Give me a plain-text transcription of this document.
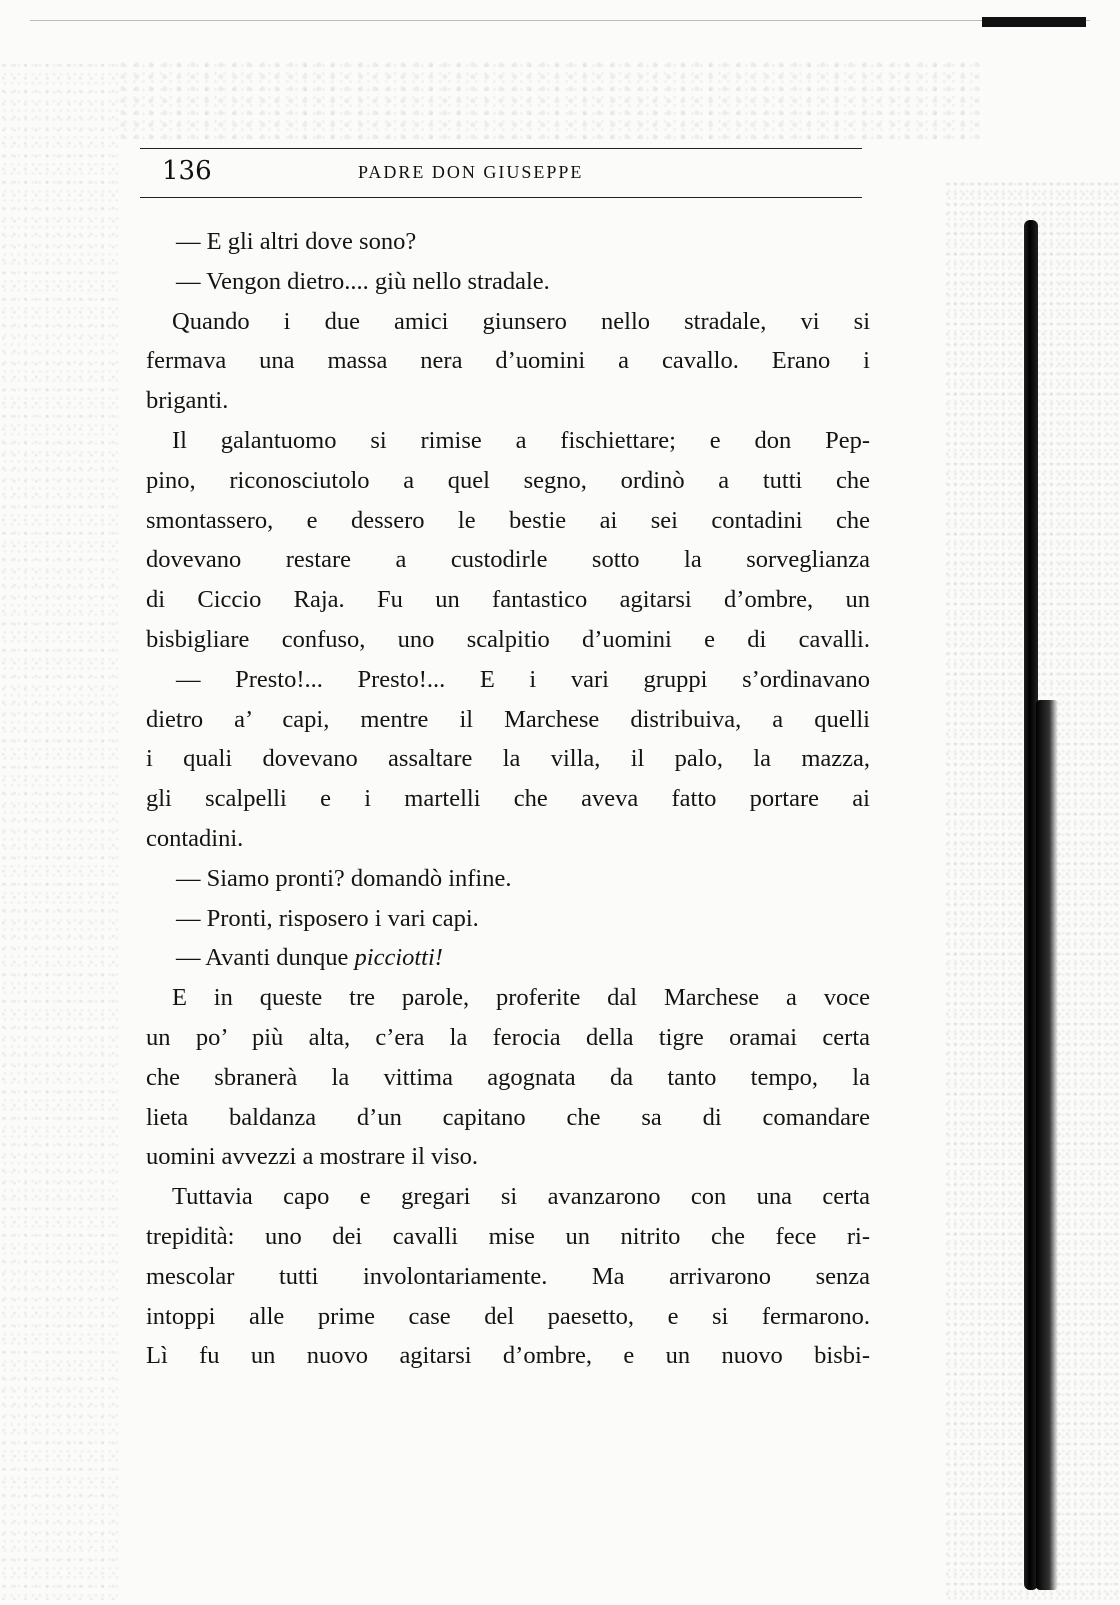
136	PADRE DON GIUSEPPE
— E gli altri dove sono?
— Vengon dietro.... giù nello stradale.
Quando i due amici giunsero nello stradale, vi si
fermava una massa nera d’uomini a cavallo. Erano i
briganti.
Il galantuomo si rimise a fischiettare; e don Pep-
pino, riconosciutolo a quel segno, ordinò a tutti che
smontassero, e dessero le bestie ai sei contadini che
dovevano restare a custodirle sotto la sorveglianza
di Ciccio Raja. Fu un fantastico agitarsi d’ombre, un
bisbigliare confuso, uno scalpitio d’uomini e di cavalli.
— Presto!... Presto!... E i vari gruppi s’ordinavano
dietro a’ capi, mentre il Marchese distribuiva, a quelli
i quali dovevano assaltare la villa, il palo, la mazza,
gli scalpelli e i martelli che aveva fatto portare ai
contadini.
— Siamo pronti? domandò infine.
— Pronti, risposero i vari capi.
— Avanti dunque picciotti!
E in queste tre parole, proferite dal Marchese a voce
un po’ più alta, c’era la ferocia della tigre oramai certa
che sbranerà la vittima agognata da tanto tempo, la
lieta baldanza d’un capitano che sa di comandare
uomini avvezzi a mostrare il viso.
Tuttavia capo e gregari si avanzarono con una certa
trepidità: uno dei cavalli mise un nitrito che fece ri-
mescolar tutti involontariamente. Ma arrivarono senza
intoppi alle prime case del paesetto, e si fermarono.
Lì fu un nuovo agitarsi d’ombre, e un nuovo bisbi-
